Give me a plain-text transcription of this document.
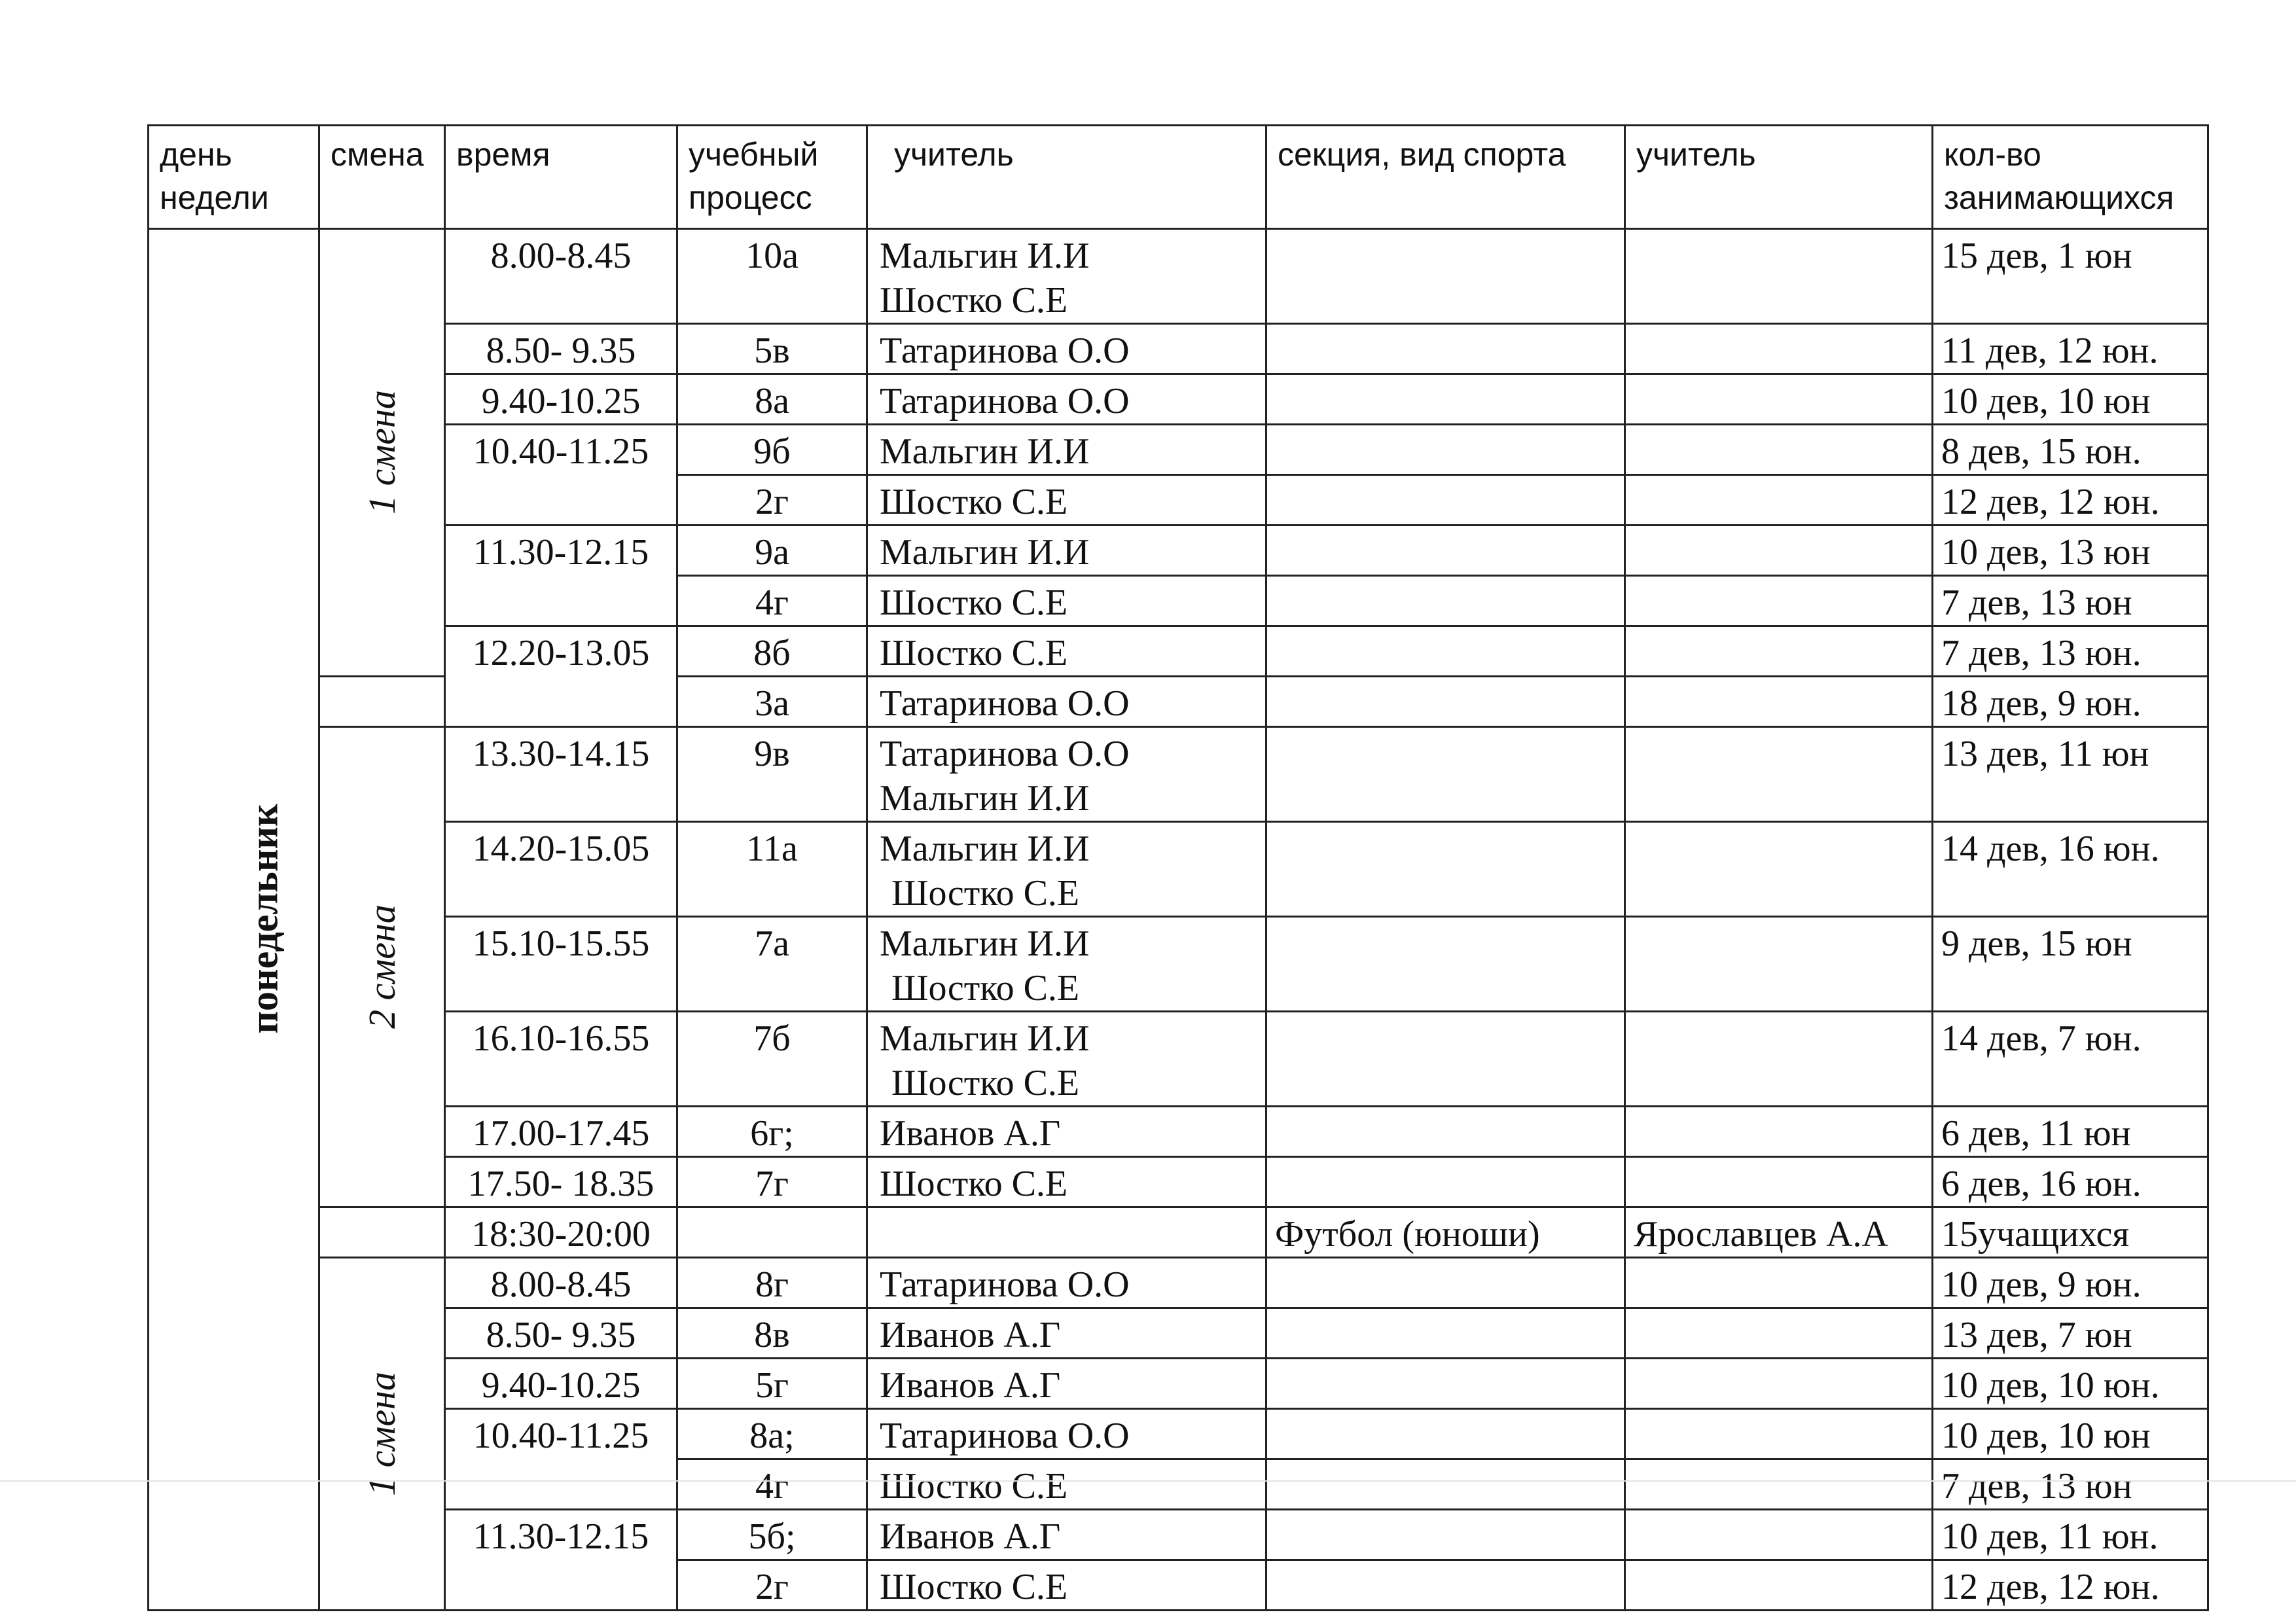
день недели	смена	время	учебный процесс	учитель	секция, вид спорта	учитель	кол-во занимающихся
понедельник	1 смена	8.00-8.45	10а	Мальгин И.И
Шостко С.Е			15 дев, 1 юн
		8.50- 9.35	5в	Татаринова О.О			11 дев, 12 юн.
		9.40-10.25	8а	Татаринова О.О			10 дев, 10 юн
		10.40-11.25	9б	Мальгин И.И			8 дев, 15 юн.
			2г	Шостко С.Е			12 дев, 12 юн.
		11.30-12.15	9а	Мальгин И.И			10 дев, 13 юн
			4г	Шостко С.Е			7 дев, 13 юн
		12.20-13.05	8б	Шостко С.Е			7 дев, 13 юн.
			3а	Татаринова О.О			18 дев, 9 юн.
	2 смена	13.30-14.15	9в	Татаринова О.О
Мальгин И.И			13 дев, 11 юн
		14.20-15.05	11а	Мальгин И.И
Шостко С.Е			14 дев, 16 юн.
		15.10-15.55	7а	Мальгин И.И
Шостко С.Е			9 дев, 15 юн
		16.10-16.55	7б	Мальгин И.И
Шостко С.Е			14 дев, 7 юн.
		17.00-17.45	6г;	Иванов А.Г			6 дев, 11 юн
		17.50- 18.35	7г	Шостко С.Е			6 дев, 16 юн.
		18:30-20:00			Футбол (юноши)	Ярославцев А.А	15учащихся
	1 смена	8.00-8.45	8г	Татаринова О.О			10 дев, 9 юн.
		8.50- 9.35	8в	Иванов А.Г			13 дев, 7 юн
		9.40-10.25	5г	Иванов А.Г			10 дев, 10 юн.
		10.40-11.25	8а;	Татаринова О.О			10 дев, 10 юн
			4г	Шостко С.Е			7 дев, 13 юн
		11.30-12.15	5б;	Иванов А.Г			10 дев, 11 юн.
			2г	Шостко С.Е			12 дев, 12 юн.
